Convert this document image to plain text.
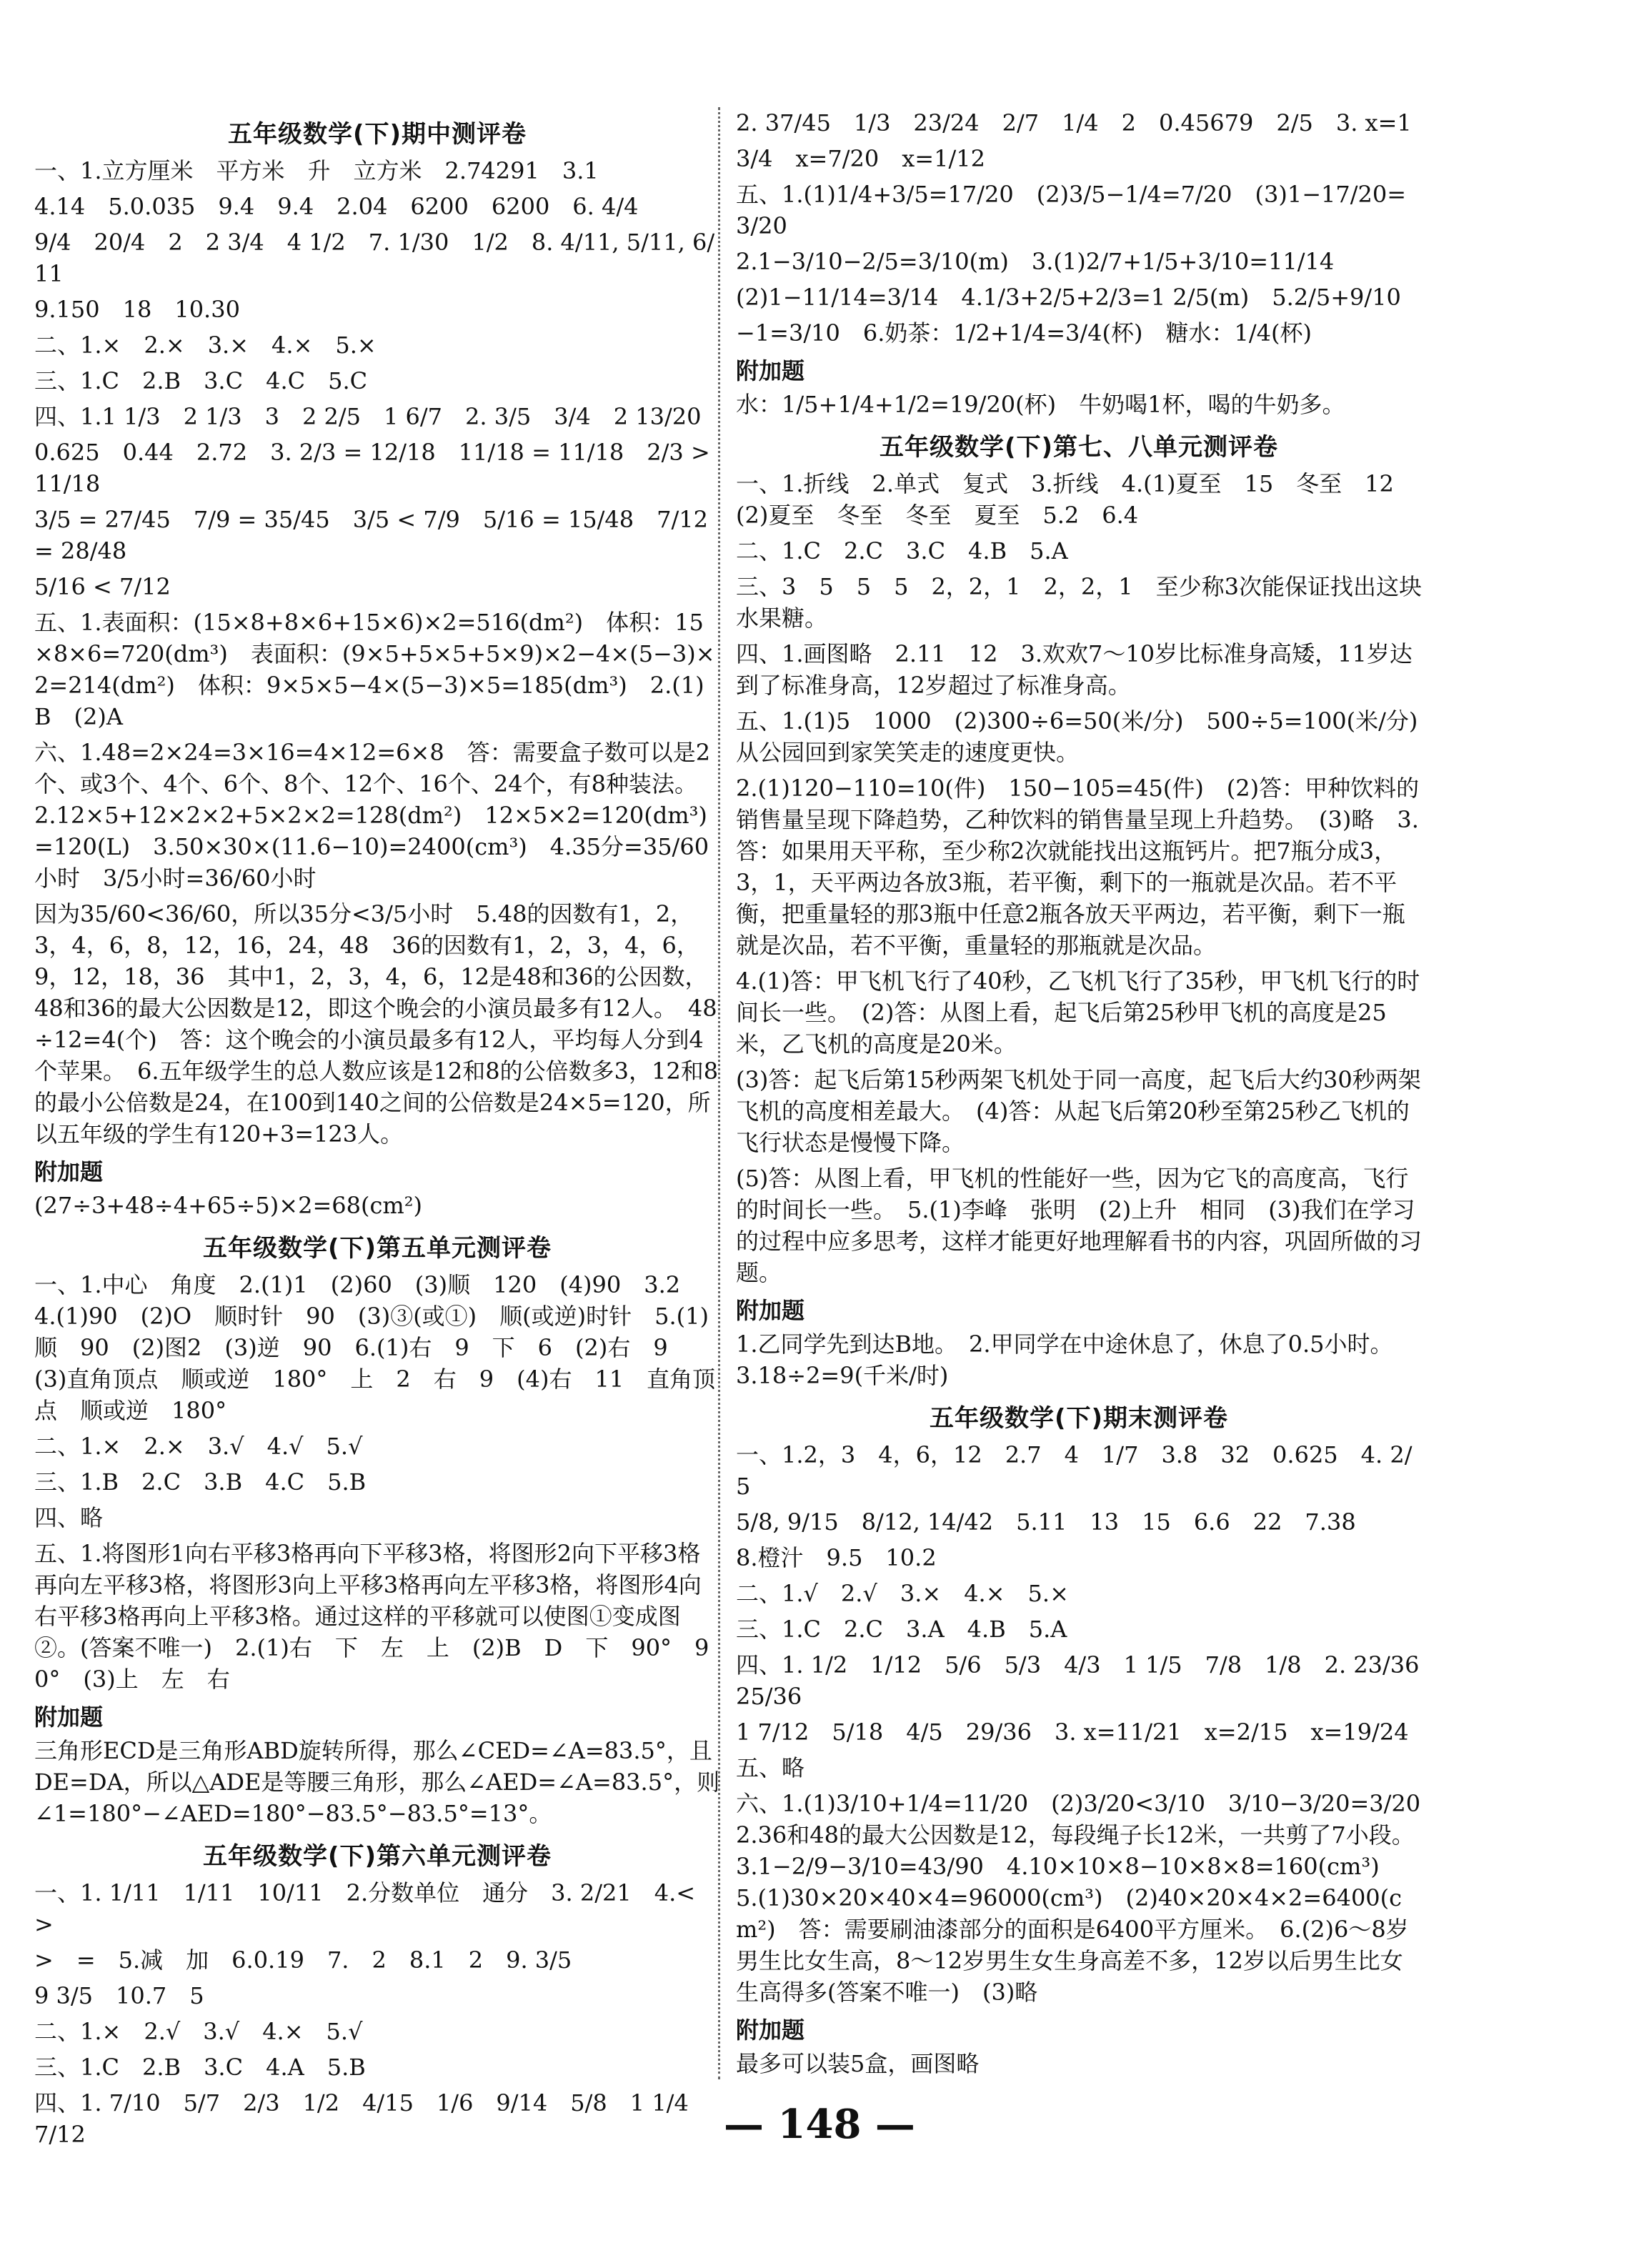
五年级数学(下)期中测评卷
一、1.立方厘米　平方米　升　立方米　2.74291　3.1
4.14　5.0.035　9.4　9.4　2.04　6200　6200　6. 4/4
9/4　20/4　2　2 3/4　4 1/2　7. 1/30　1/2　8. 4/11, 5/11, 6/11
9.150　18　10.30
二、1.×　2.×　3.×　4.×　5.×
三、1.C　2.B　3.C　4.C　5.C
四、1.1 1/3　2 1/3　3　2 2/5　1 6/7　2. 3/5　3/4　2 13/20
0.625　0.44　2.72　3. 2/3 = 12/18　11/18 = 11/18　2/3 > 11/18
3/5 = 27/45　7/9 = 35/45　3/5 < 7/9　5/16 = 15/48　7/12 = 28/48
5/16 < 7/12
五、1.表面积：(15×8+8×6+15×6)×2=516(dm²)　体积：15×8×6=720(dm³)　表面积：(9×5+5×5+5×9)×2−4×(5−3)×2=214(dm²)　体积：9×5×5−4×(5−3)×5=185(dm³)　2.(1)B　(2)A
六、1.48=2×24=3×16=4×12=6×8　答：需要盒子数可以是2个、或3个、4个、6个、8个、12个、16个、24个，有8种装法。　2.12×5+12×2×2+5×2×2=128(dm²)　12×5×2=120(dm³)=120(L)　3.50×30×(11.6−10)=2400(cm³)　4.35分=35/60小时　3/5小时=36/60小时
因为35/60<36/60，所以35分<3/5小时　5.48的因数有1，2，3，4，6，8，12，16，24，48　36的因数有1，2，3，4，6，9，12，18，36　其中1，2，3，4，6，12是48和36的公因数，48和36的最大公因数是12，即这个晚会的小演员最多有12人。　48÷12=4(个)　答：这个晚会的小演员最多有12人，平均每人分到4个苹果。　6.五年级学生的总人数应该是12和8的公倍数多3，12和8的最小公倍数是24，在100到140之间的公倍数是24×5=120，所以五年级的学生有120+3=123人。
附加题
(27÷3+48÷4+65÷5)×2=68(cm²)
五年级数学(下)第五单元测评卷
一、1.中心　角度　2.(1)1　(2)60　(3)顺　120　(4)90　3.2　4.(1)90　(2)O　顺时针　90　(3)③(或①)　顺(或逆)时针　5.(1)顺　90　(2)图2　(3)逆　90　6.(1)右　9　下　6　(2)右　9　(3)直角顶点　顺或逆　180°　上　2　右　9　(4)右　11　直角顶点　顺或逆　180°
二、1.×　2.×　3.√　4.√　5.√
三、1.B　2.C　3.B　4.C　5.B
四、略
五、1.将图形1向右平移3格再向下平移3格，将图形2向下平移3格再向左平移3格，将图形3向上平移3格再向左平移3格，将图形4向右平移3格再向上平移3格。通过这样的平移就可以使图①变成图②。(答案不唯一)　2.(1)右　下　左　上　(2)B　D　下　90°　90°　(3)上　左　右
附加题
三角形ECD是三角形ABD旋转所得，那么∠CED=∠A=83.5°，且DE=DA，所以△ADE是等腰三角形，那么∠AED=∠A=83.5°，则∠1=180°−∠AED=180°−83.5°−83.5°=13°。
五年级数学(下)第六单元测评卷
一、1. 1/11　1/11　10/11　2.分数单位　通分　3. 2/21　4.<　>
>　=　5.减　加　6.0.19　7.　2　8.1　2　9. 3/5
9 3/5　10.7　5
二、1.×　2.√　3.√　4.×　5.√
三、1.C　2.B　3.C　4.A　5.B
四、1. 7/10　5/7　2/3　1/2　4/15　1/6　9/14　5/8　1 1/4　7/12
2. 37/45　1/3　23/24　2/7　1/4　2　0.45679　2/5　3. x=1
3/4　x=7/20　x=1/12
五、1.(1)1/4+3/5=17/20　(2)3/5−1/4=7/20　(3)1−17/20=3/20
2.1−3/10−2/5=3/10(m)　3.(1)2/7+1/5+3/10=11/14
(2)1−11/14=3/14　4.1/3+2/5+2/3=1 2/5(m)　5.2/5+9/10
−1=3/10　6.奶茶：1/2+1/4=3/4(杯)　糖水：1/4(杯)
附加题
水：1/5+1/4+1/2=19/20(杯)　牛奶喝1杯，喝的牛奶多。
五年级数学(下)第七、八单元测评卷
一、1.折线　2.单式　复式　3.折线　4.(1)夏至　15　冬至　12　(2)夏至　冬至　冬至　夏至　5.2　6.4
二、1.C　2.C　3.C　4.B　5.A
三、3　5　5　5　2，2，1　2，2，1　至少称3次能保证找出这块水果糖。
四、1.画图略　2.11　12　3.欢欢7～10岁比标准身高矮，11岁达到了标准身高，12岁超过了标准身高。
五、1.(1)5　1000　(2)300÷6=50(米/分)　500÷5=100(米/分)　从公园回到家笑笑走的速度更快。
2.(1)120−110=10(件)　150−105=45(件)　(2)答：甲种饮料的销售量呈现下降趋势，乙种饮料的销售量呈现上升趋势。　(3)略　3.答：如果用天平称，至少称2次就能找出这瓶钙片。把7瓶分成3，3，1，天平两边各放3瓶，若平衡，剩下的一瓶就是次品。若不平衡，把重量轻的那3瓶中任意2瓶各放天平两边，若平衡，剩下一瓶就是次品，若不平衡，重量轻的那瓶就是次品。
4.(1)答：甲飞机飞行了40秒，乙飞机飞行了35秒，甲飞机飞行的时间长一些。　(2)答：从图上看，起飞后第25秒甲飞机的高度是25米，乙飞机的高度是20米。
(3)答：起飞后第15秒两架飞机处于同一高度，起飞后大约30秒两架飞机的高度相差最大。　(4)答：从起飞后第20秒至第25秒乙飞机的飞行状态是慢慢下降。
(5)答：从图上看，甲飞机的性能好一些，因为它飞的高度高，飞行的时间长一些。　5.(1)李峰　张明　(2)上升　相同　(3)我们在学习的过程中应多思考，这样才能更好地理解看书的内容，巩固所做的习题。
附加题
1.乙同学先到达B地。　2.甲同学在中途休息了，休息了0.5小时。　3.18÷2=9(千米/时)
五年级数学(下)期末测评卷
一、1.2，3　4，6，12　2.7　4　1/7　3.8　32　0.625　4. 2/5
5/8, 9/15　8/12, 14/42　5.11　13　15　6.6　22　7.38
8.橙汁　9.5　10.2
二、1.√　2.√　3.×　4.×　5.×
三、1.C　2.C　3.A　4.B　5.A
四、1. 1/2　1/12　5/6　5/3　4/3　1 1/5　7/8　1/8　2. 23/36　25/36
1 7/12　5/18　4/5　29/36　3. x=11/21　x=2/15　x=19/24
五、略
六、1.(1)3/10+1/4=11/20　(2)3/20<3/10　3/10−3/20=3/20　2.36和48的最大公因数是12，每段绳子长12米，一共剪了7小段。　3.1−2/9−3/10=43/90　4.10×10×8−10×8×8=160(cm³)　5.(1)30×20×40×4=96000(cm³)　(2)40×20×4×2=6400(cm²)　答：需要刷油漆部分的面积是6400平方厘米。　6.(2)6～8岁男生比女生高，8～12岁男生女生身高差不多，12岁以后男生比女生高得多(答案不唯一)　(3)略
附加题
最多可以装5盒，画图略
— 148 —
